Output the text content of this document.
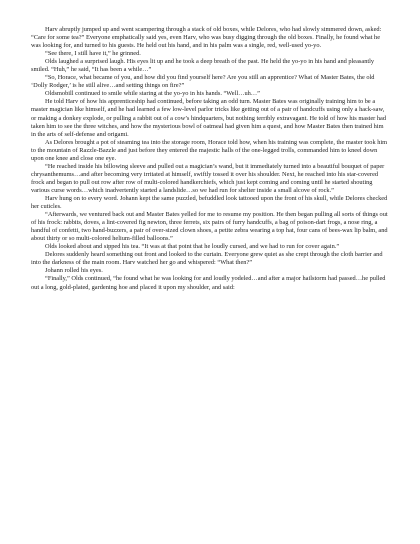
Harv abruptly jumped up and went scampering through a stack of old boxes, while Delores, who had slowly simmered down, asked: “Care for some tea?” Everyone emphatically said yes, even Harv, who was busy digging through the old boxes. Finally, he found what he was looking for, and turned to his guests. He held out his hand, and in his palm was a single, red, well-used yo-yo.

“See there, I still have it,” he grinned.

Olds laughed a surprised laugh. His eyes lit up and he took a deep breath of the past. He held the yo-yo in his hand and pleasantly smiled. “Huh,” he said, “It has been a while…”

“So, Horace, what became of you, and how did you find yourself here? Are you still an apprentice? What of Master Bates, the old ‘Dolly Rodger,’ is he still alive…and setting things on fire?”

Oldsmobill continued to smile while staring at the yo-yo in his hands. “Well…uh…”

He told Harv of how his apprenticeship had continued, before taking an odd turn. Master Bates was originally training him to be a master magician like himself, and he had learned a few low-level parlor tricks like getting out of a pair of handcuffs using only a hack-saw, or making a donkey explode, or pulling a rabbit out of a cow’s hindquarters, but nothing terribly extravagant. He told of how his master had taken him to see the three witches, and how the mysterious bowl of oatmeal had given him a quest, and how Master Bates then trained him in the arts of self-defense and origami.

As Delores brought a pot of steaming tea into the storage room, Horace told how, when his training was complete, the master took him to the mountain of Razzle-Bazzle and just before they entered the majestic halls of the one-legged trolls, commanded him to kneel down upon one knee and close one eye.

“He reached inside his billowing sleeve and pulled out a magician’s wand, but it immediately turned into a beautiful bouquet of paper chrysanthemums…and after becoming very irritated at himself, swiftly tossed it over his shoulder. Next, he reached into his star-covered frock and began to pull out row after row of multi-colored handkerchiefs, which just kept coming and coming until he started shouting various curse words…which inadvertently started a landslide…so we had run for shelter inside a small alcove of rock.”

Harv hung on to every word. Johann kept the same puzzled, befuddled look tattooed upon the front of his skull, while Delores checked her cuticles.

“Afterwards, we ventured back out and Master Bates yelled for me to resume my position. He then began pulling all sorts of things out of his frock: rabbits, doves, a lint-covered fig newton, three ferrets, six pairs of furry handcuffs, a bag of poison-dart frogs, a nose ring, a handful of confetti, two hand-buzzers, a pair of over-sized clown shoes, a petite zebra wearing a top hat, four cans of bees-wax lip balm, and about thirty or so multi-colored helium-filled balloons.”

Olds looked about and sipped his tea. “It was at that point that he loudly cursed, and we had to run for cover again.”

Delores suddenly heard something out front and looked to the curtain. Everyone grew quiet as she crept through the cloth barrier and into the darkness of the main room. Harv watched her go and whispered: “What then?”

Johann rolled his eyes.

“Finally,” Olds continued, “he found what he was looking for and loudly yodeled…and after a major hailstorm had passed…he pulled out a long, gold-plated, gardening hoe and placed it upon my shoulder, and said:
